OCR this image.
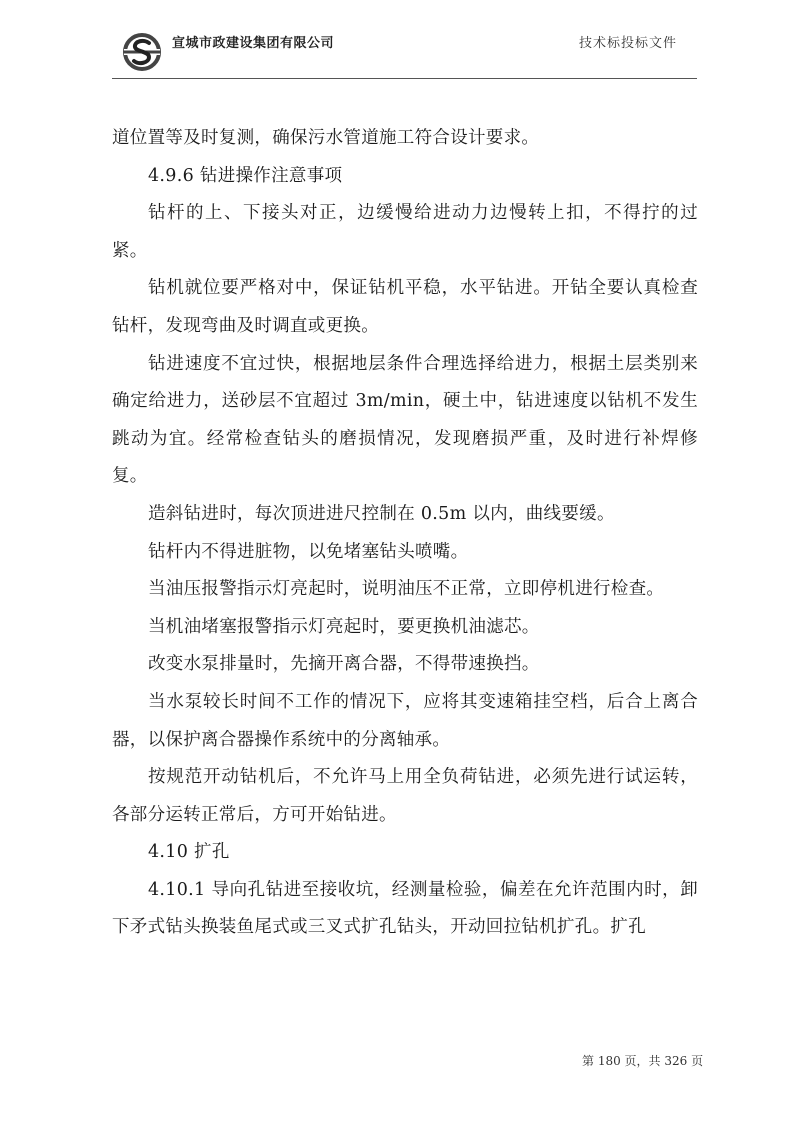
宣城市政建设集团有限公司	技术标投标文件

道位置等及时复测，确保污水管道施工符合设计要求。

4.9.6 钻进操作注意事项

钻杆的上、下接头对正，边缓慢给进动力边慢转上扣，不得拧的过紧。

钻机就位要严格对中，保证钻机平稳，水平钻进。开钻全要认真检查钻杆，发现弯曲及时调直或更换。

钻进速度不宜过快，根据地层条件合理选择给进力，根据土层类别来确定给进力，送砂层不宜超过 3m/min，硬土中，钻进速度以钻机不发生跳动为宜。经常检查钻头的磨损情况，发现磨损严重，及时进行补焊修复。

造斜钻进时，每次顶进进尺控制在 0.5m 以内，曲线要缓。

钻杆内不得进脏物，以免堵塞钻头喷嘴。

当油压报警指示灯亮起时，说明油压不正常，立即停机进行检查。

当机油堵塞报警指示灯亮起时，要更换机油滤芯。

改变水泵排量时，先摘开离合器，不得带速换挡。

当水泵较长时间不工作的情况下，应将其变速箱挂空档，后合上离合器，以保护离合器操作系统中的分离轴承。

按规范开动钻机后，不允许马上用全负荷钻进，必须先进行试运转，各部分运转正常后，方可开始钻进。

4.10 扩孔

4.10.1 导向孔钻进至接收坑，经测量检验，偏差在允许范围内时，卸下矛式钻头换装鱼尾式或三叉式扩孔钻头，开动回拉钻机扩孔。扩孔

第 180 页，共 326 页
